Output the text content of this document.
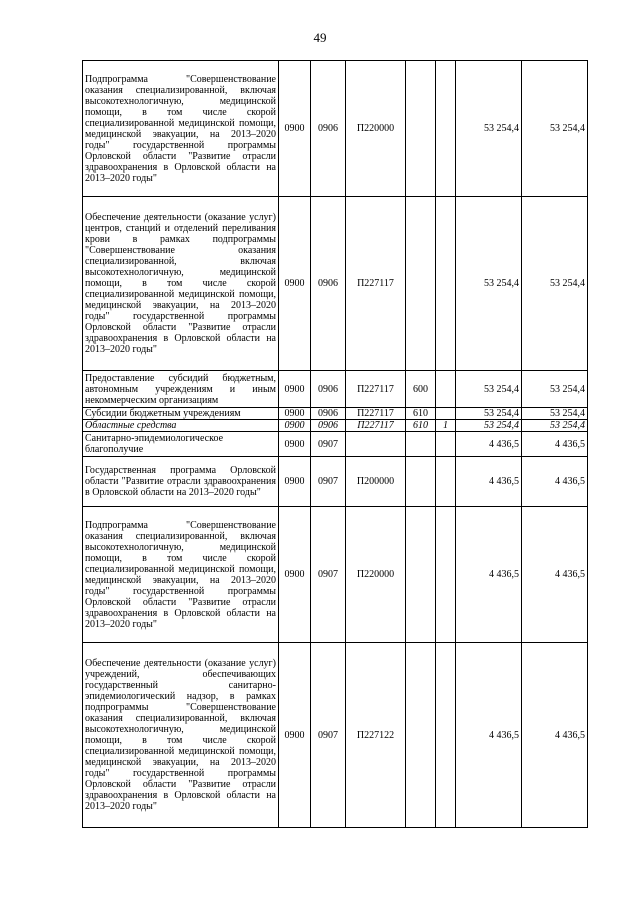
49
Подпрограмма "Совершенствование оказания специализированной, включая высокотехнологичную, медицинской помощи, в том числе скорой специализированной медицинской помощи, медицинской эвакуации, на 2013–2020 годы" государственной программы Орловской области "Развитие отрасли здравоохранения в Орловской области на 2013–2020 годы"	0900	0906	П220000			53 254,4	53 254,4
Обеспечение деятельности (оказание услуг) центров, станций и отделений переливания крови в рамках подпрограммы "Совершенствование оказания специализированной, включая высокотехнологичную, медицинской помощи, в том числе скорой специализированной медицинской помощи, медицинской эвакуации, на 2013–2020 годы" государственной программы Орловской области "Развитие отрасли здравоохранения в Орловской области на 2013–2020 годы"	0900	0906	П227117			53 254,4	53 254,4
Предоставление субсидий бюджетным, автономным учреждениям и иным некоммерческим организациям	0900	0906	П227117	600		53 254,4	53 254,4
Субсидии бюджетным учреждениям	0900	0906	П227117	610		53 254,4	53 254,4
Областные средства	0900	0906	П227117	610	1	53 254,4	53 254,4
Санитарно-эпидемиологическое благополучие	0900	0907				4 436,5	4 436,5
Государственная программа Орловской области "Развитие отрасли здравоохранения в Орловской области на 2013–2020 годы"	0900	0907	П200000			4 436,5	4 436,5
Подпрограмма "Совершенствование оказания специализированной, включая высокотехнологичную, медицинской помощи, в том числе скорой специализированной медицинской помощи, медицинской эвакуации, на 2013–2020 годы" государственной программы Орловской области "Развитие отрасли здравоохранения в Орловской области на 2013–2020 годы"	0900	0907	П220000			4 436,5	4 436,5
Обеспечение деятельности (оказание услуг) учреждений, обеспечивающих государственный санитарно-эпидемиологический надзор, в рамках подпрограммы "Совершенствование оказания специализированной, включая высокотехнологичную, медицинской помощи, в том числе скорой специализированной медицинской помощи, медицинской эвакуации, на 2013–2020 годы" государственной программы Орловской области "Развитие отрасли здравоохранения в Орловской области на 2013–2020 годы"	0900	0907	П227122			4 436,5	4 436,5
